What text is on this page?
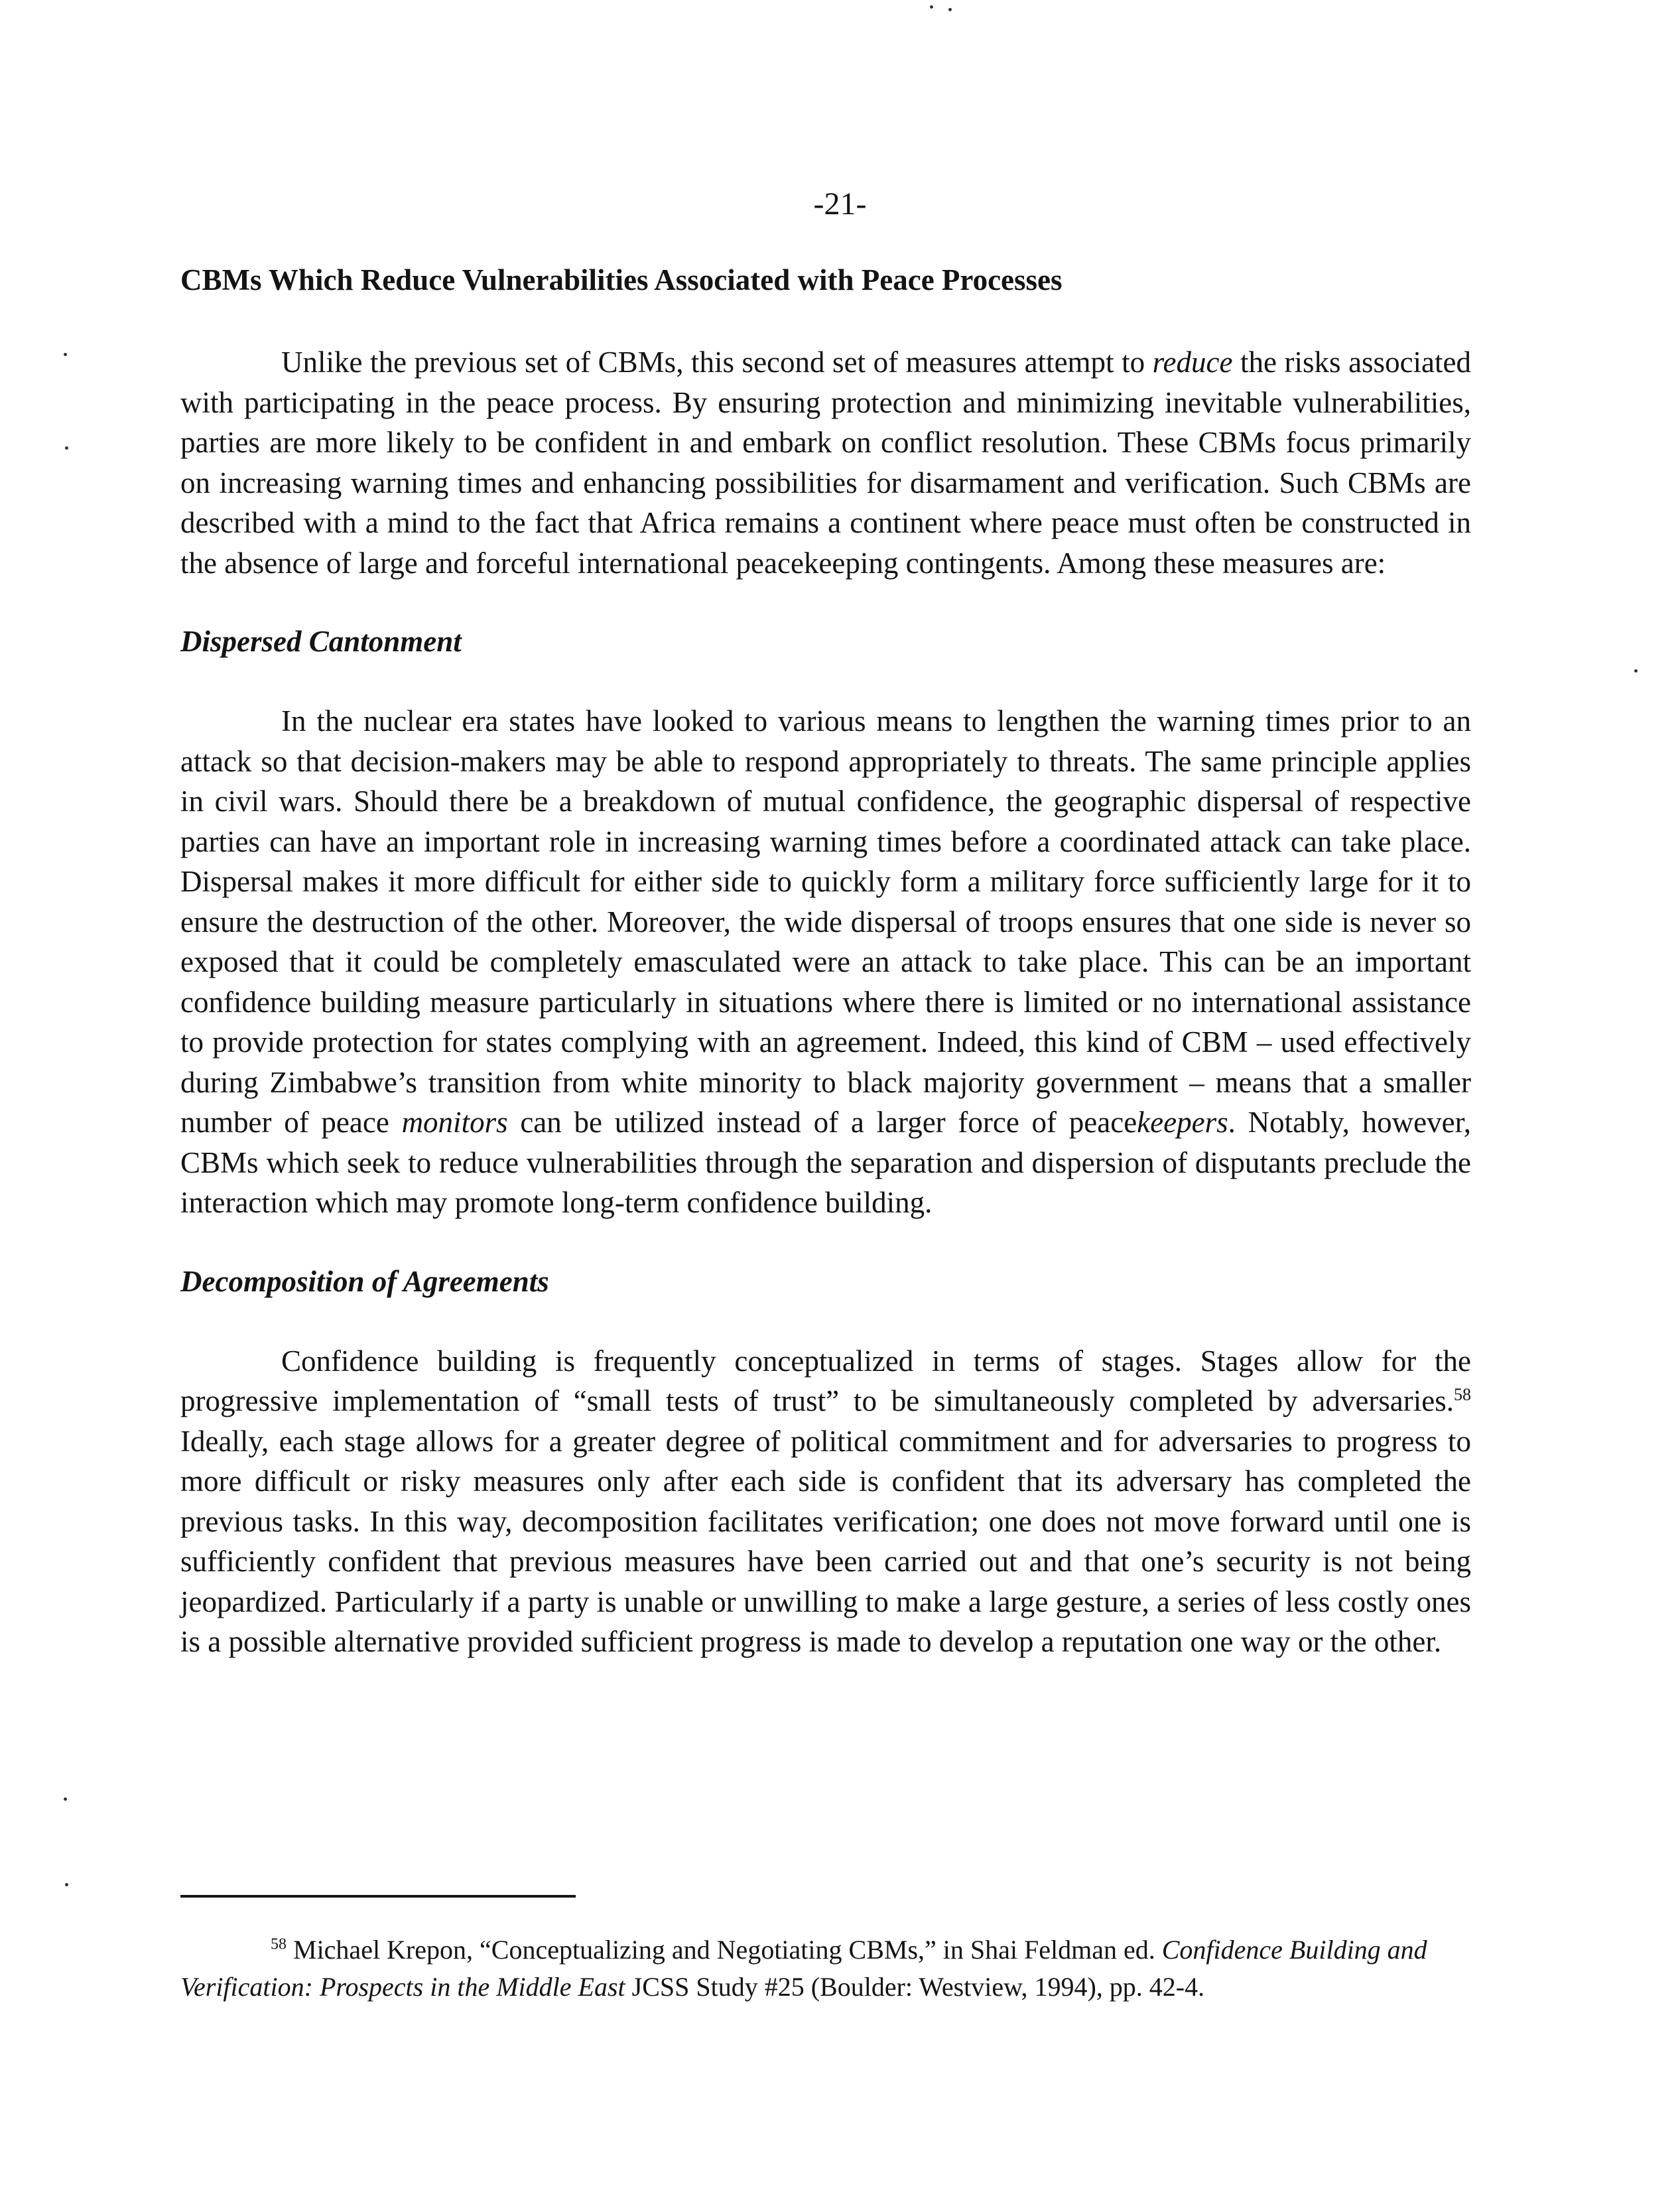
-21-
CBMs Which Reduce Vulnerabilities Associated with Peace Processes

Unlike the previous set of CBMs, this second set of measures attempt to reduce the risks associated with participating in the peace process. By ensuring protection and minimizing inevitable vulnerabilities, parties are more likely to be confident in and embark on conflict resolution. These CBMs focus primarily on increasing warning times and enhancing possibilities for disarmament and verification. Such CBMs are described with a mind to the fact that Africa remains a continent where peace must often be constructed in the absence of large and forceful international peacekeeping contingents. Among these measures are:

Dispersed Cantonment

In the nuclear era states have looked to various means to lengthen the warning times prior to an attack so that decision-makers may be able to respond appropriately to threats. The same principle applies in civil wars. Should there be a breakdown of mutual confidence, the geographic dispersal of respective parties can have an important role in increasing warning times before a coordinated attack can take place. Dispersal makes it more difficult for either side to quickly form a military force sufficiently large for it to ensure the destruction of the other. Moreover, the wide dispersal of troops ensures that one side is never so exposed that it could be completely emasculated were an attack to take place. This can be an important confidence building measure particularly in situations where there is limited or no international assistance to provide protection for states complying with an agreement. Indeed, this kind of CBM – used effectively during Zimbabwe’s transition from white minority to black majority government – means that a smaller number of peace monitors can be utilized instead of a larger force of peacekeepers. Notably, however, CBMs which seek to reduce vulnerabilities through the separation and dispersion of disputants preclude the interaction which may promote long-term confidence building.

Decomposition of Agreements

Confidence building is frequently conceptualized in terms of stages. Stages allow for the progressive implementation of “small tests of trust” to be simultaneously completed by adversaries.$^{58}$ Ideally, each stage allows for a greater degree of political commitment and for adversaries to progress to more difficult or risky measures only after each side is confident that its adversary has completed the previous tasks. In this way, decomposition facilitates verification; one does not move forward until one is sufficiently confident that previous measures have been carried out and that one’s security is not being jeopardized. Particularly if a party is unable or unwilling to make a large gesture, a series of less costly ones is a possible alternative provided sufficient progress is made to develop a reputation one way or the other.

$^{58}$ Michael Krepon, “Conceptualizing and Negotiating CBMs,” in Shai Feldman ed. Confidence Building and Verification: Prospects in the Middle East JCSS Study #25 (Boulder: Westview, 1994), pp. 42-4.
